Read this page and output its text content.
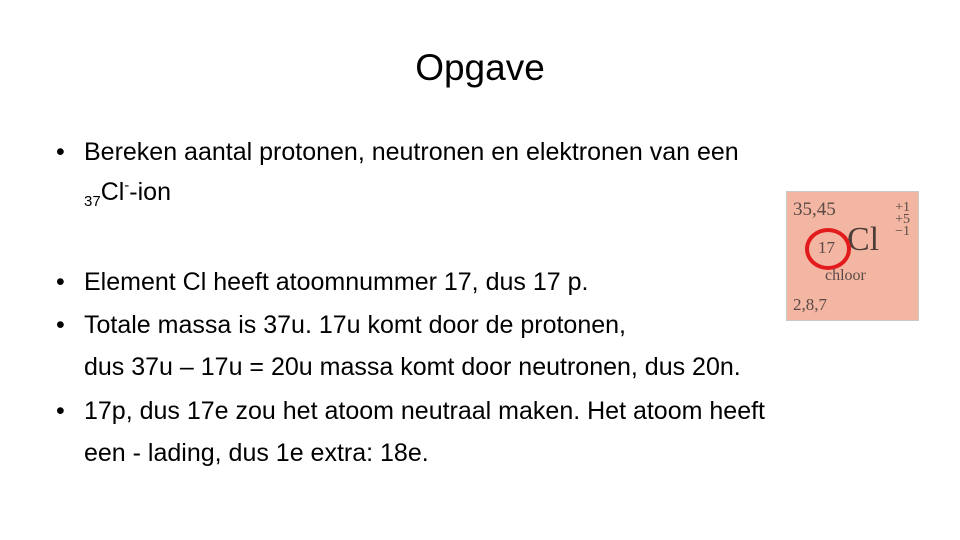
Opgave
• Bereken aantal protonen, neutronen en elektronen van een
$_{37}$Cl--ion
• Element Cl heeft atoomnummer 17, dus 17 p.
• Totale massa is 37u. 17u komt door de protonen,
dus 37u – 17u = 20u massa komt door neutronen, dus 20n.
• 17p, dus 17e zou het atoom neutraal maken. Het atoom heeft
een - lading, dus 1e extra: 18e.
35,45	+1
+5
−1
Cl
17
chloor
2,8,7
